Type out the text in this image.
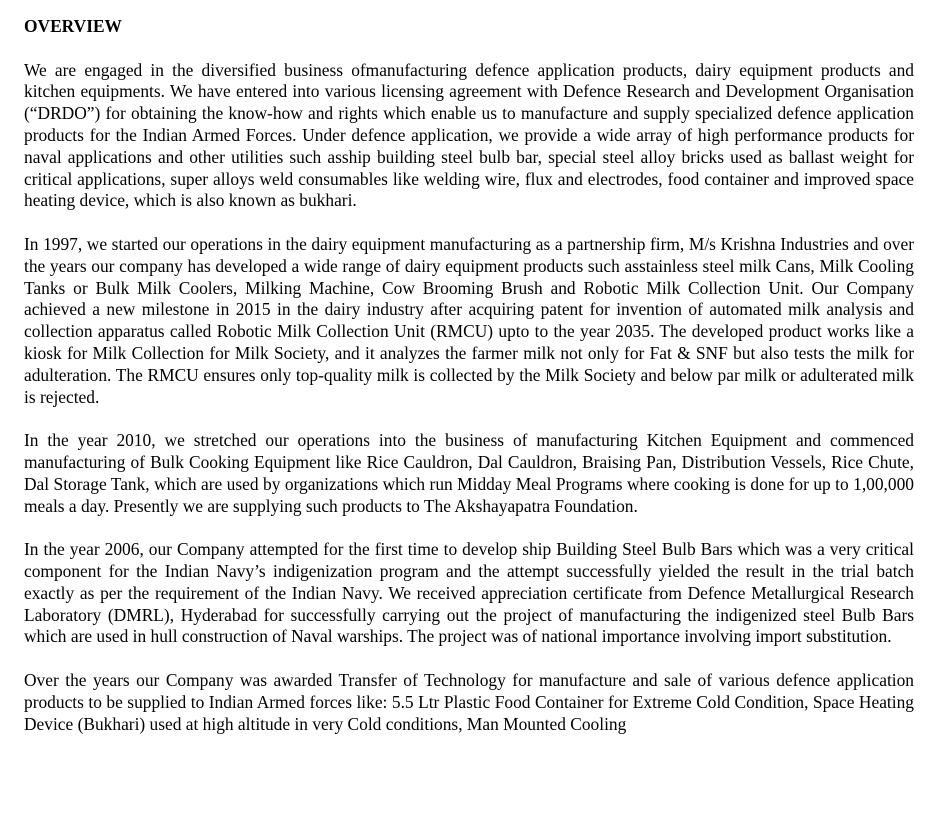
OVERVIEW

We are engaged in the diversified business ofmanufacturing defence application products, dairy equipment products and kitchen equipments. We have entered into various licensing agreement with Defence Research and Development Organisation (“DRDO”) for obtaining the know-how and rights which enable us to manufacture and supply specialized defence application products for the Indian Armed Forces. Under defence application, we provide a wide array of high performance products for naval applications and other utilities such asship building steel bulb bar, special steel alloy bricks used as ballast weight for critical applications, super alloys weld consumables like welding wire, flux and electrodes, food container and improved space heating device, which is also known as bukhari.

In 1997, we started our operations in the dairy equipment manufacturing as a partnership firm, M/s Krishna Industries and over the years our company has developed a wide range of dairy equipment products such asstainless steel milk Cans, Milk Cooling Tanks or Bulk Milk Coolers, Milking Machine, Cow Brooming Brush and Robotic Milk Collection Unit. Our Company achieved a new milestone in 2015 in the dairy industry after acquiring patent for invention of automated milk analysis and collection apparatus called Robotic Milk Collection Unit (RMCU) upto to the year 2035. The developed product works like a kiosk for Milk Collection for Milk Society, and it analyzes the farmer milk not only for Fat & SNF but also tests the milk for adulteration. The RMCU ensures only top-quality milk is collected by the Milk Society and below par milk or adulterated milk is rejected.

In the year 2010, we stretched our operations into the business of manufacturing Kitchen Equipment and commenced manufacturing of Bulk Cooking Equipment like Rice Cauldron, Dal Cauldron, Braising Pan, Distribution Vessels, Rice Chute, Dal Storage Tank, which are used by organizations which run Midday Meal Programs where cooking is done for up to 1,00,000 meals a day. Presently we are supplying such products to The Akshayapatra Foundation.

In the year 2006, our Company attempted for the first time to develop ship Building Steel Bulb Bars which was a very critical component for the Indian Navy’s indigenization program and the attempt successfully yielded the result in the trial batch exactly as per the requirement of the Indian Navy. We received appreciation certificate from Defence Metallurgical Research Laboratory (DMRL), Hyderabad for successfully carrying out the project of manufacturing the indigenized steel Bulb Bars which are used in hull construction of Naval warships. The project was of national importance involving import substitution.

Over the years our Company was awarded Transfer of Technology for manufacture and sale of various defence application products to be supplied to Indian Armed forces like: 5.5 Ltr Plastic Food Container for Extreme Cold Condition, Space Heating Device (Bukhari) used at high altitude in very Cold conditions, Man Mounted Cooling
